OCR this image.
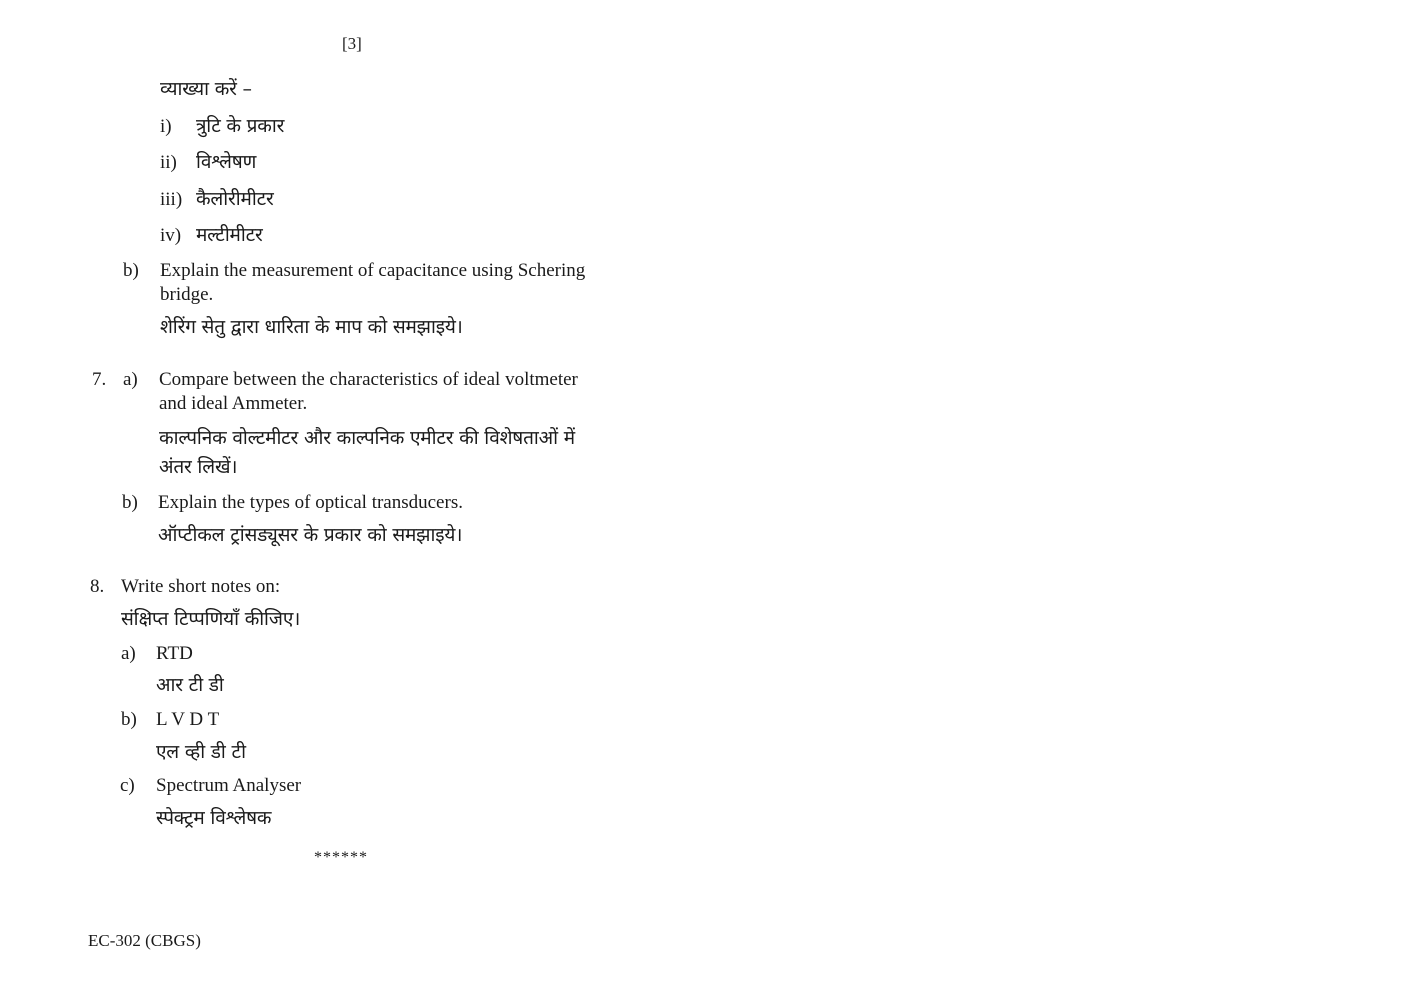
[3]
व्याख्या करें –
i) त्रुटि के प्रकार
ii) विश्लेषण
iii) कैलोरीमीटर
iv) मल्टीमीटर
b) Explain the measurement of capacitance using Schering
bridge.
शेरिंग सेतु द्वारा धारिता के माप को समझाइये।
7. a) Compare between the characteristics of ideal voltmeter
and ideal Ammeter.
काल्पनिक वोल्टमीटर और काल्पनिक एमीटर की विशेषताओं में
अंतर लिखें।
b) Explain the types of optical transducers.
ऑप्टीकल ट्रांसड्यूसर के प्रकार को समझाइये।
8. Write short notes on:
संक्षिप्त टिप्पणियाँ कीजिए।
a) RTD
आर टी डी
b) L V D T
एल व्ही डी टी
c) Spectrum Analyser
स्पेक्ट्रम विश्लेषक
******
EC-302 (CBGS)
